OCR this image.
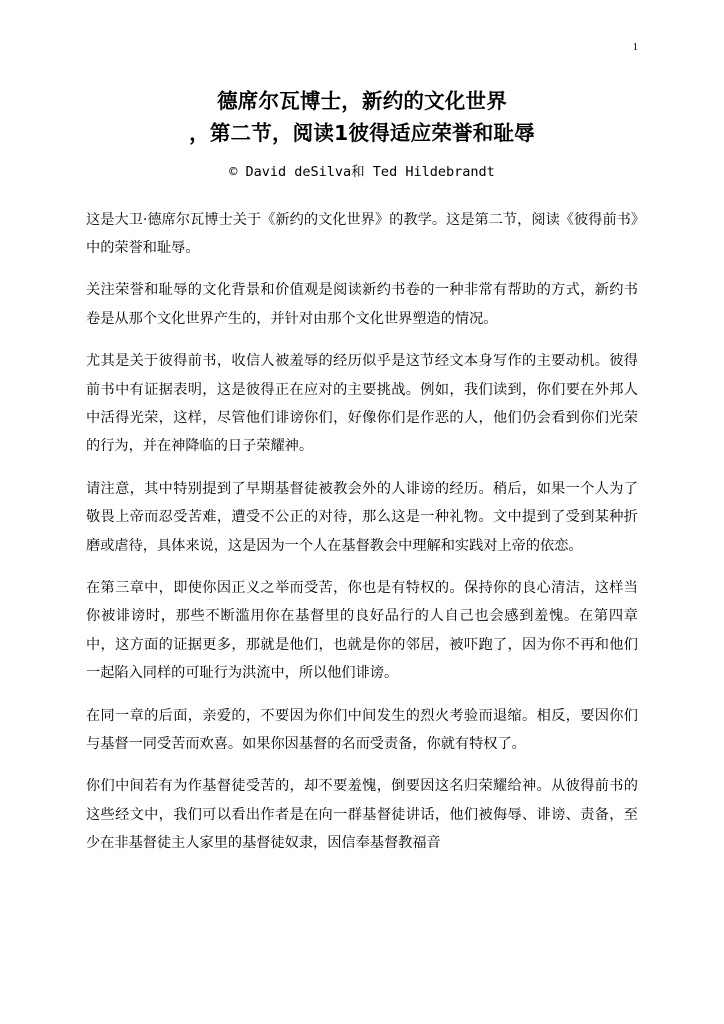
1
德席尔瓦博士，新约的文化世界
，第二节，阅读1彼得适应荣誉和耻辱
© David deSilva和 Ted Hildebrandt

这是大卫·德席尔瓦博士关于《新约的文化世界》的教学。这是第二节，阅读《彼得前书》中的荣誉和耻辱。

关注荣誉和耻辱的文化背景和价值观是阅读新约书卷的一种非常有帮助的方式，新约书卷是从那个文化世界产生的，并针对由那个文化世界塑造的情况。

尤其是关于彼得前书，收信人被羞辱的经历似乎是这节经文本身写作的主要动机。彼得前书中有证据表明，这是彼得正在应对的主要挑战。例如，我们读到，你们要在外邦人中活得光荣，这样，尽管他们诽谤你们，好像你们是作恶的人，他们仍会看到你们光荣的行为，并在神降临的日子荣耀神。

请注意，其中特别提到了早期基督徒被教会外的人诽谤的经历。稍后，如果一个人为了敬畏上帝而忍受苦难，遭受不公正的对待，那么这是一种礼物。文中提到了受到某种折磨或虐待，具体来说，这是因为一个人在基督教会中理解和实践对上帝的依恋。

在第三章中，即使你因正义之举而受苦，你也是有特权的。保持你的良心清洁，这样当你被诽谤时，那些不断滥用你在基督里的良好品行的人自己也会感到羞愧。在第四章中，这方面的证据更多，那就是他们，也就是你的邻居，被吓跑了，因为你不再和他们一起陷入同样的可耻行为洪流中，所以他们诽谤。

在同一章的后面，亲爱的，不要因为你们中间发生的烈火考验而退缩。相反，要因你们与基督一同受苦而欢喜。如果你因基督的名而受责备，你就有特权了。

你们中间若有为作基督徒受苦的，却不要羞愧，倒要因这名归荣耀给神。从彼得前书的这些经文中，我们可以看出作者是在向一群基督徒讲话，他们被侮辱、诽谤、责备，至少在非基督徒主人家里的基督徒奴隶，因信奉基督教福音
